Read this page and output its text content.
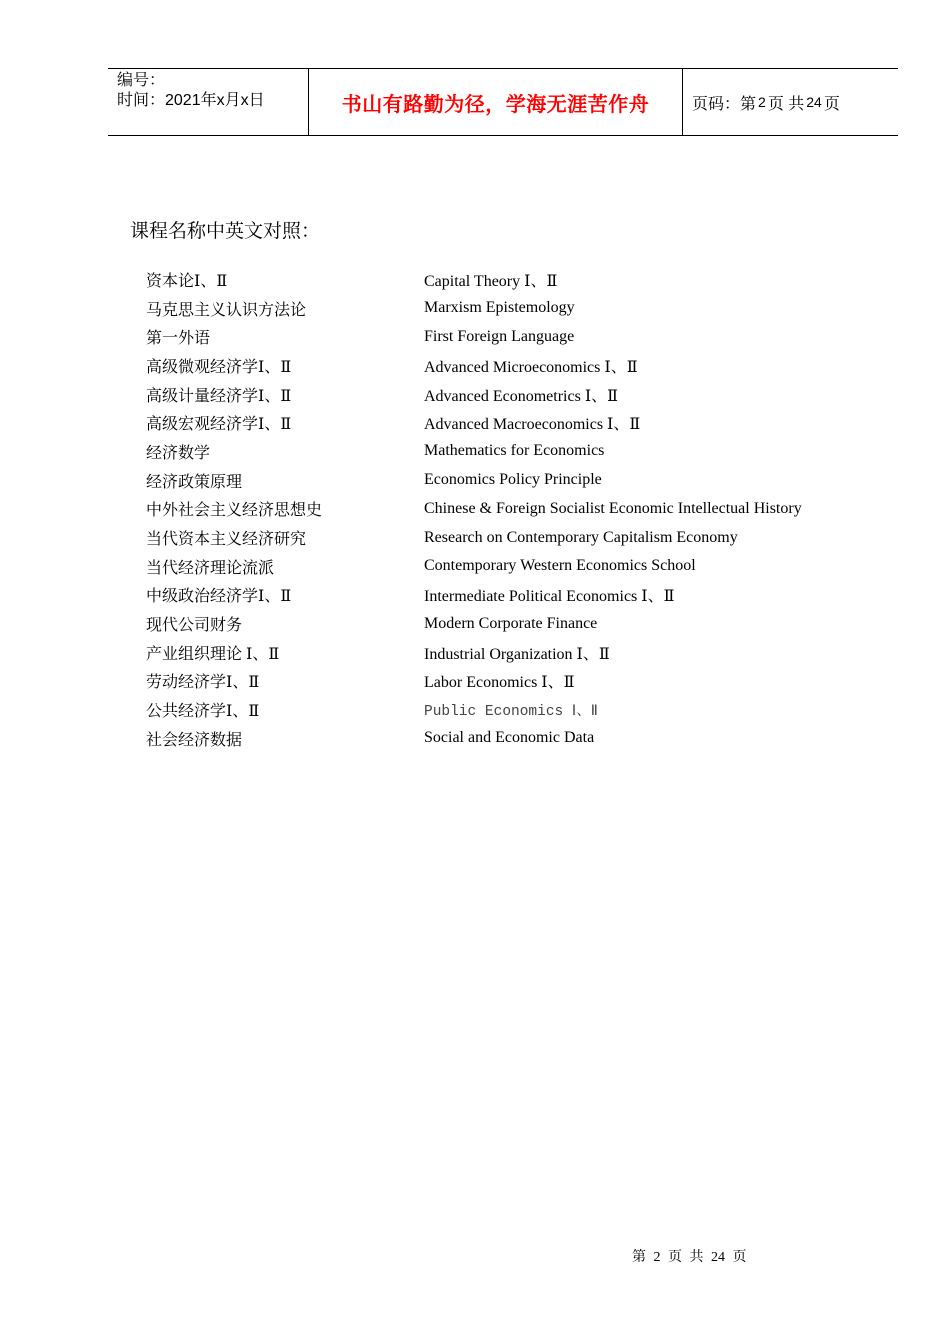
编号：
时间：2021年x月x日	书山有路勤为径，学海无涯苦作舟	页码：第 2 页 共 24 页
课程名称中英文对照：
资本论Ⅰ、Ⅱ	Capital Theory Ⅰ、Ⅱ
马克思主义认识方法论	Marxism Epistemology
第一外语	First Foreign Language
高级微观经济学Ⅰ、Ⅱ	Advanced Microeconomics Ⅰ、Ⅱ
高级计量经济学Ⅰ、Ⅱ	Advanced Econometrics Ⅰ、Ⅱ
高级宏观经济学Ⅰ、Ⅱ	Advanced Macroeconomics Ⅰ、Ⅱ
经济数学	Mathematics for Economics
经济政策原理	Economics Policy Principle
中外社会主义经济思想史	Chinese & Foreign Socialist Economic Intellectual History
当代资本主义经济研究	Research on Contemporary Capitalism Economy
当代经济理论流派	Contemporary Western Economics School
中级政治经济学Ⅰ、Ⅱ	Intermediate Political Economics Ⅰ、Ⅱ
现代公司财务	Modern Corporate Finance
产业组织理论 Ⅰ、Ⅱ	Industrial Organization Ⅰ、Ⅱ
劳动经济学Ⅰ、Ⅱ	Labor Economics Ⅰ、Ⅱ
公共经济学Ⅰ、Ⅱ	Public Economics Ⅰ、Ⅱ
社会经济数据	Social and Economic Data
第 2 页 共 24 页
